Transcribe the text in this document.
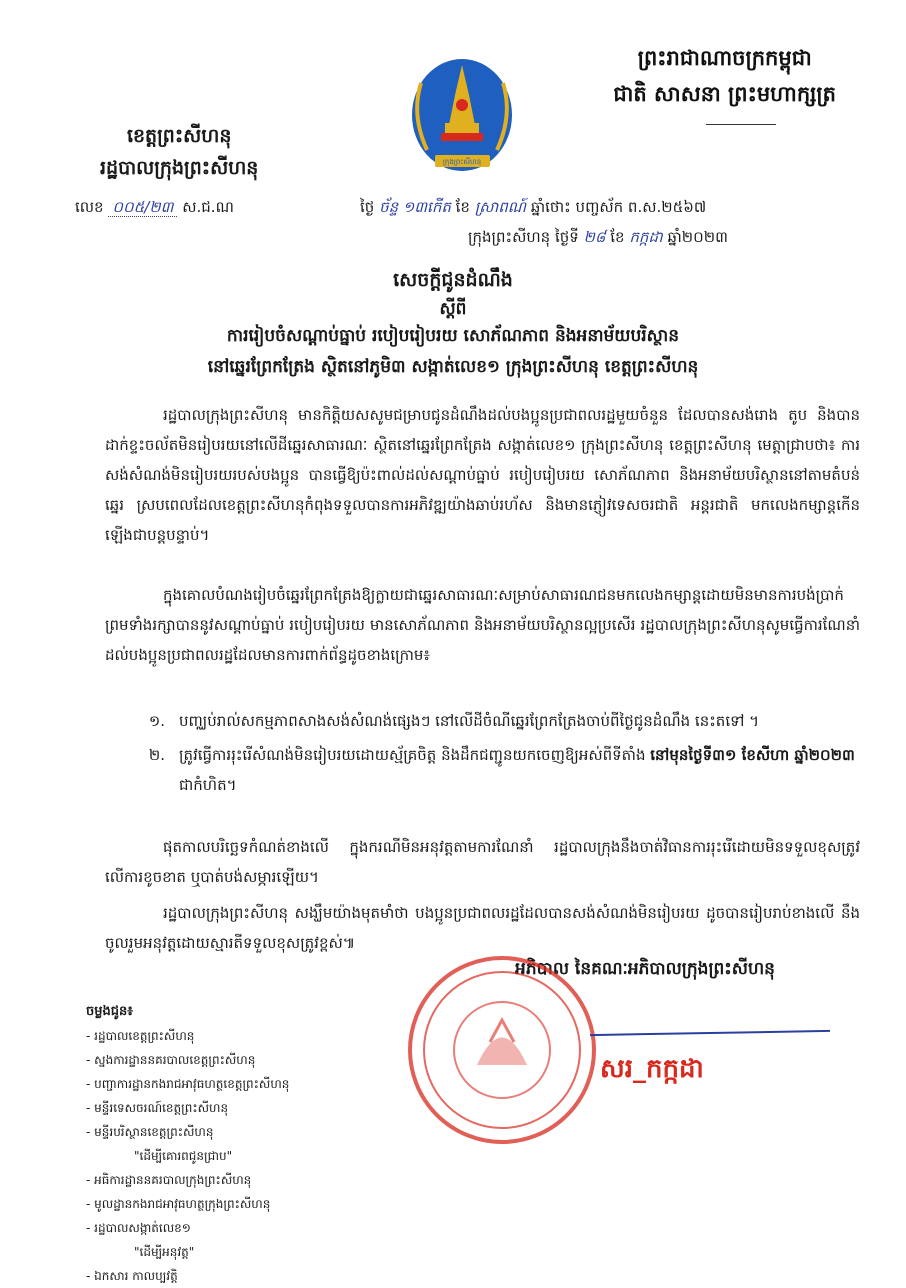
ព្រះរាជាណាចក្រកម្ពុជា
ជាតិ សាសនា ព្រះមហាក្សត្រ
ខេត្តព្រះសីហនុ
រដ្ឋបាលក្រុងព្រះសីហនុ	ក្រុងព្រះសីហនុ
លេខ ០០៥/២៣ ស.ជ.ណ	ថ្ងៃ ច័ន្ទ ១៣កើត ខែ ស្រាពណ៍ ឆ្នាំថោះ បញ្ចស័ក ព.ស.២៥៦៧
ក្រុងព្រះសីហនុ ថ្ងៃទី ២៨ ខែ កក្កដា ឆ្នាំ២០២៣
សេចក្តីជូនដំណឹង
ស្តីពី
ការរៀបចំសណ្តាប់ធ្នាប់ របៀបរៀបរយ សោភ័ណភាព និងអនាម័យបរិស្ថាន
នៅឆ្នេរព្រែកត្រែង ស្ថិតនៅភូមិ៣ សង្កាត់លេខ១ ក្រុងព្រះសីហនុ ខេត្តព្រះសីហនុ
រដ្ឋបាលក្រុងព្រះសីហនុ មានកិត្តិយសសូមជម្រាបជូនដំណឹងដល់បងប្អូនប្រជាពលរដ្ឋមួយចំនួន ដែលបានសង់រោង តូប និងបានដាក់ខ្ទះចល័តមិនរៀបរយនៅលើដីឆ្នេរសាធារណៈ ស្ថិតនៅឆ្នេរព្រែកត្រែង សង្កាត់លេខ១ ក្រុងព្រះសីហនុ ខេត្តព្រះសីហនុ មេត្តាជ្រាបថា៖ ការសង់សំណង់មិនរៀបរយរបស់បងប្អូន បានធ្វើឱ្យប៉ះពាល់ដល់សណ្តាប់ធ្នាប់ របៀបរៀបរយ សោភ័ណភាព និងអនាម័យបរិស្ថាននៅតាមតំបន់ឆ្នេរ ស្របពេលដែលខេត្តព្រះសីហនុកំពុងទទួលបានការអភិវឌ្ឍយ៉ាងឆាប់រហ័ស និងមានភ្ញៀវទេសចរជាតិ អន្តរជាតិ មកលេងកម្សាន្តកើនឡើងជាបន្តបន្ទាប់។
ក្នុងគោលបំណងរៀបចំឆ្នេរព្រែកត្រែងឱ្យក្លាយជាឆ្នេរសាធារណៈសម្រាប់សាធារណជនមកលេងកម្សាន្តដោយមិនមានការបង់ប្រាក់ ព្រមទាំងរក្សាបាននូវសណ្តាប់ធ្នាប់ របៀបរៀបរយ មានសោភ័ណភាព និងអនាម័យបរិស្ថានល្អប្រសើរ រដ្ឋបាលក្រុងព្រះសីហនុសូមធ្វើការណែនាំដល់បងប្អូនប្រជាពលរដ្ឋដែលមានការពាក់ព័ន្ធដូចខាងក្រោម៖
១. បញ្ឈប់រាល់សកម្មភាពសាងសង់សំណង់ផ្សេងៗ នៅលើដីចំណីឆ្នេរព្រែកត្រែងចាប់ពីថ្ងៃជូនដំណឹង នេះតទៅ ។
២. ត្រូវធ្វើការរុះរើសំណង់មិនរៀបរយដោយស្ម័គ្រចិត្ត និងដឹកជញ្ជូនយកចេញឱ្យអស់ពីទីតាំង នៅមុនថ្ងៃទី៣១ ខែសីហា ឆ្នាំ២០២៣ ជាកំហិត។
ផុតកាលបរិច្ឆេទកំណត់ខាងលើ ក្នុងករណីមិនអនុវត្តតាមការណែនាំ រដ្ឋបាលក្រុងនឹងចាត់វិធានការរុះរើដោយមិនទទួលខុសត្រូវលើការខូចខាត ឬបាត់បង់សម្ភារឡើយ។
រដ្ឋបាលក្រុងព្រះសីហនុ សង្ឃឹមយ៉ាងមុតមាំថា បងប្អូនប្រជាពលរដ្ឋដែលបានសង់សំណង់មិនរៀបរយ ដូចបានរៀបរាប់ខាងលើ នឹងចូលរួមអនុវត្តដោយស្មារតីទទួលខុសត្រូវខ្ពស់៕
អភិបាល នៃគណៈអភិបាលក្រុងព្រះសីហនុ
សរ_កក្កដា
ចម្លងជូន៖
- រដ្ឋបាលខេត្តព្រះសីហនុ
- ស្នងការដ្ឋាននគរបាលខេត្តព្រះសីហនុ
- បញ្ជាការដ្ឋានកងរាជអាវុធហត្ថខេត្តព្រះសីហនុ
- មន្ទីរទេសចរណ៍ខេត្តព្រះសីហនុ
- មន្ទីរបរិស្ថានខេត្តព្រះសីហនុ
"ដើម្បីគោរពជូនជ្រាប"
- អធិការដ្ឋាននគរបាលក្រុងព្រះសីហនុ
- មូលដ្ឋានកងរាជអាវុធហត្ថក្រុងព្រះសីហនុ
- រដ្ឋបាលសង្កាត់លេខ១
"ដើម្បីអនុវត្ត"
- ឯកសារ កាលប្បវត្តិ
